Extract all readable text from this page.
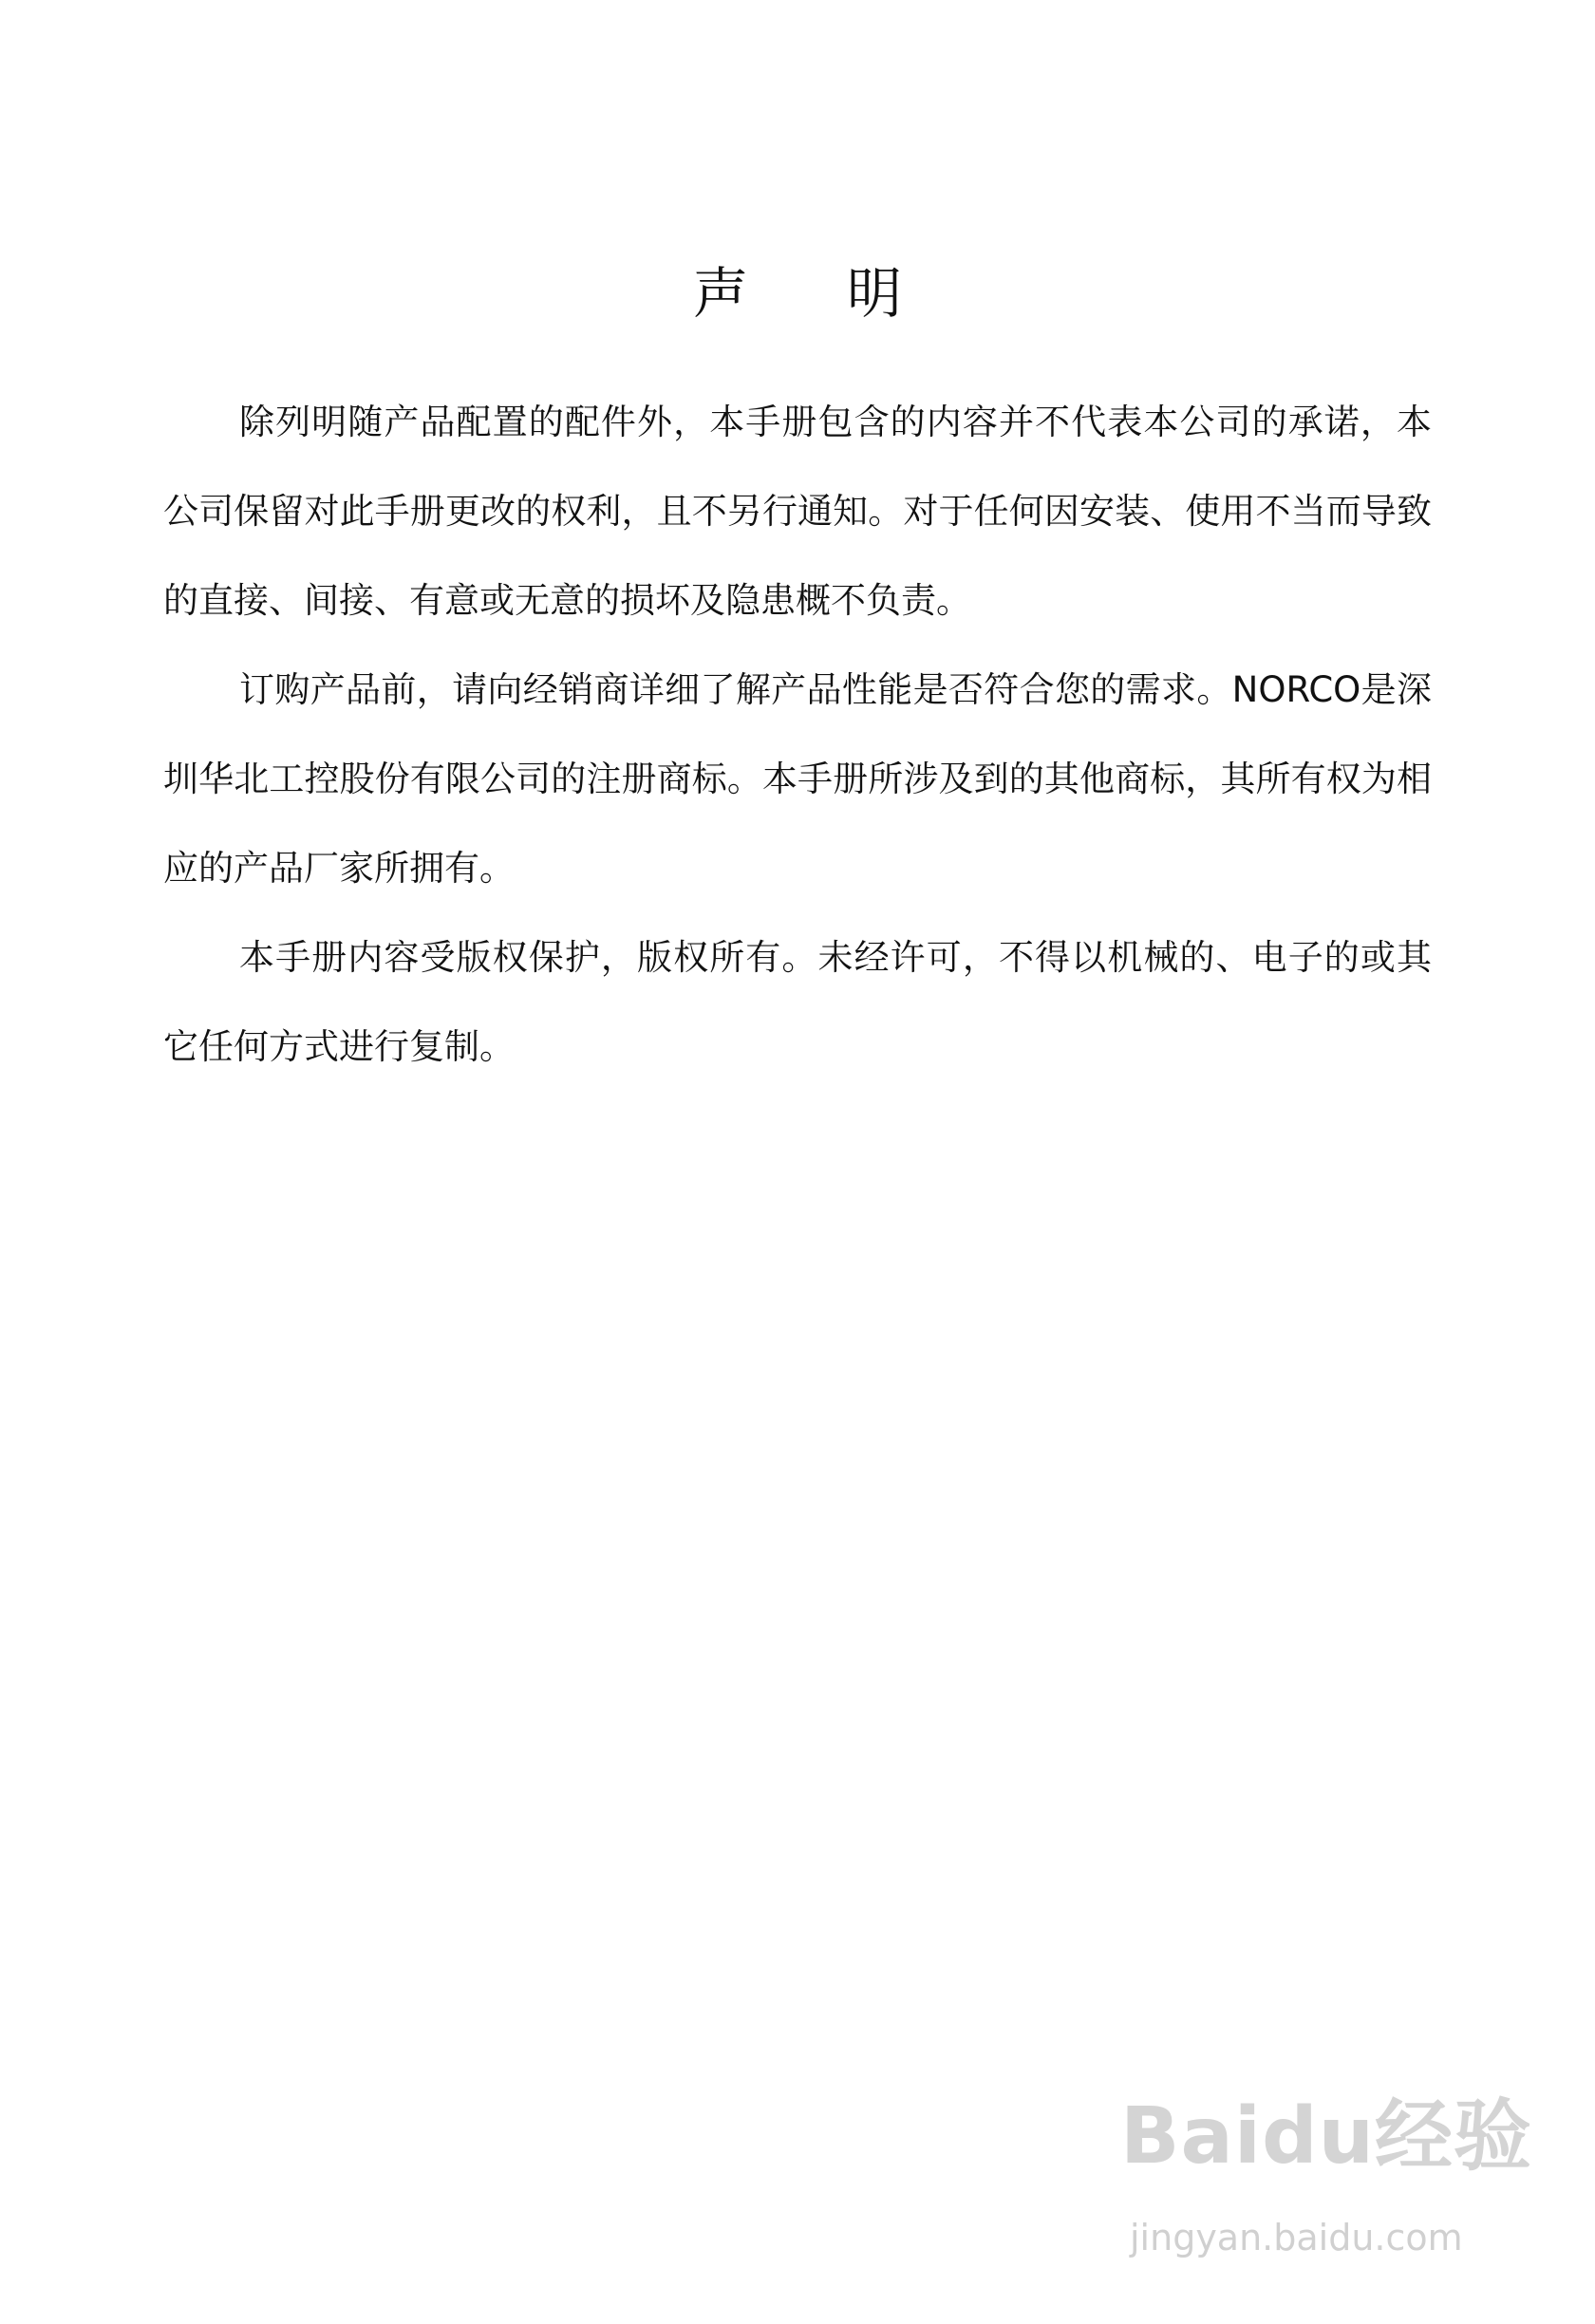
声 明

除列明随产品配置的配件外，本手册包含的内容并不代表本公司的承诺，本公司保留对此手册更改的权利，且不另行通知。对于任何因安装、使用不当而导致的直接、间接、有意或无意的损坏及隐患概不负责。

订购产品前，请向经销商详细了解产品性能是否符合您的需求。NORCO是深圳华北工控股份有限公司的注册商标。本手册所涉及到的其他商标，其所有权为相应的产品厂家所拥有。

本手册内容受版权保护，版权所有。未经许可，不得以机械的、电子的或其它任何方式进行复制。

Baidu经验
jingyan.baidu.com
